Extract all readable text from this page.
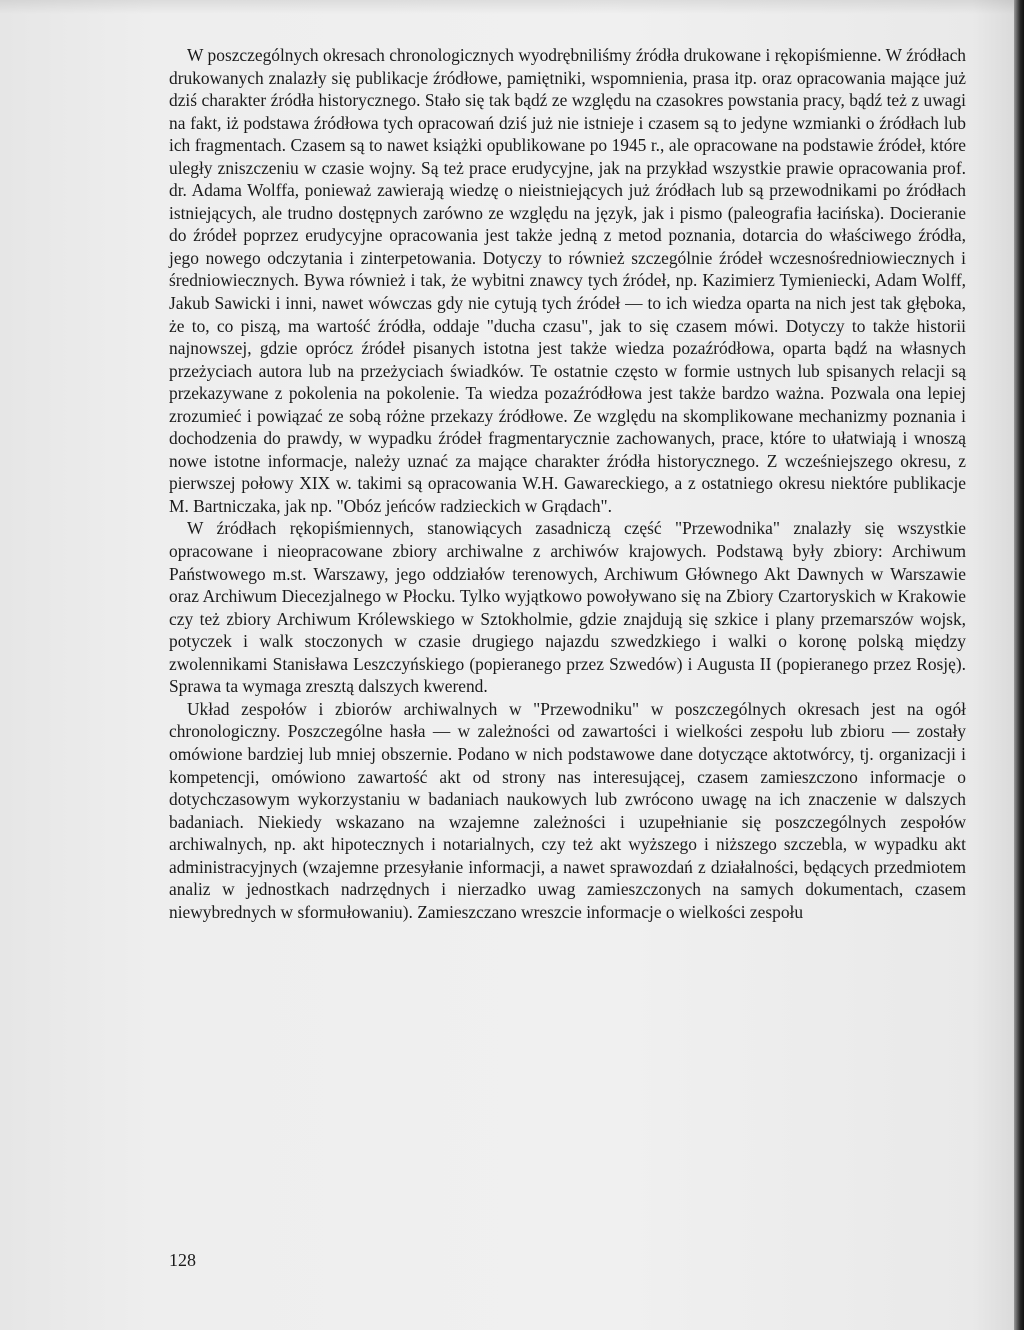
W poszczególnych okresach chronologicznych wyodrębniliśmy źródła drukowane i rękopiśmienne. W źródłach drukowanych znalazły się publikacje źródłowe, pamiętniki, wspomnienia, prasa itp. oraz opracowania mające już dziś charakter źródła historycznego. Stało się tak bądź ze względu na czasokres powstania pracy, bądź też z uwagi na fakt, iż podstawa źródłowa tych opracowań dziś już nie istnieje i czasem są to jedyne wzmianki o źródłach lub ich fragmentach. Czasem są to nawet książki opublikowane po 1945 r., ale opracowane na podstawie źródeł, które uległy zniszczeniu w czasie wojny. Są też prace erudycyjne, jak na przykład wszystkie prawie opracowania prof. dr. Adama Wolffa, ponieważ zawierają wiedzę o nieistniejących już źródłach lub są przewodnikami po źródłach istniejących, ale trudno dostępnych zarówno ze względu na język, jak i pismo (paleografia łacińska). Docieranie do źródeł poprzez erudycyjne opracowania jest także jedną z metod poznania, dotarcia do właściwego źródła, jego nowego odczytania i zinterpetowania. Dotyczy to również szczególnie źródeł wczesnośredniowiecznych i średniowiecznych. Bywa również i tak, że wybitni znawcy tych źródeł, np. Kazimierz Tymieniecki, Adam Wolff, Jakub Sawicki i inni, nawet wówczas gdy nie cytują tych źródeł — to ich wiedza oparta na nich jest tak głęboka, że to, co piszą, ma wartość źródła, oddaje "ducha czasu", jak to się czasem mówi. Dotyczy to także historii najnowszej, gdzie oprócz źródeł pisanych istotna jest także wiedza pozaźródłowa, oparta bądź na własnych przeżyciach autora lub na przeżyciach świadków. Te ostatnie często w formie ustnych lub spisanych relacji są przekazywane z pokolenia na pokolenie. Ta wiedza pozaźródłowa jest także bardzo ważna. Pozwala ona lepiej zrozumieć i powiązać ze sobą różne przekazy źródłowe. Ze względu na skomplikowane mechanizmy poznania i dochodzenia do prawdy, w wypadku źródeł fragmentarycznie zachowanych, prace, które to ułatwiają i wnoszą nowe istotne informacje, należy uznać za mające charakter źródła historycznego. Z wcześniejszego okresu, z pierwszej połowy XIX w. takimi są opracowania W.H. Gawareckiego, a z ostatniego okresu niektóre publikacje M. Bartniczaka, jak np. "Obóz jeńców radzieckich w Grądach".

W źródłach rękopiśmiennych, stanowiących zasadniczą część "Przewodnika" znalazły się wszystkie opracowane i nieopracowane zbiory archiwalne z archiwów krajowych. Podstawą były zbiory: Archiwum Państwowego m.st. Warszawy, jego oddziałów terenowych, Archiwum Głównego Akt Dawnych w Warszawie oraz Archiwum Diecezjalnego w Płocku. Tylko wyjątkowo powoływano się na Zbiory Czartoryskich w Krakowie czy też zbiory Archiwum Królewskiego w Sztokholmie, gdzie znajdują się szkice i plany przemarszów wojsk, potyczek i walk stoczonych w czasie drugiego najazdu szwedzkiego i walki o koronę polską między zwolennikami Stanisława Leszczyńskiego (popieranego przez Szwedów) i Augusta II (popieranego przez Rosję). Sprawa ta wymaga zresztą dalszych kwerend.

Układ zespołów i zbiorów archiwalnych w "Przewodniku" w poszczególnych okresach jest na ogół chronologiczny. Poszczególne hasła — w zależności od zawartości i wielkości zespołu lub zbioru — zostały omówione bardziej lub mniej obszernie. Podano w nich podstawowe dane dotyczące aktotwórcy, tj. organizacji i kompetencji, omówiono zawartość akt od strony nas interesującej, czasem zamieszczono informacje o dotychczasowym wykorzystaniu w badaniach naukowych lub zwrócono uwagę na ich znaczenie w dalszych badaniach. Niekiedy wskazano na wzajemne zależności i uzupełnianie się poszczególnych zespołów archiwalnych, np. akt hipotecznych i notarialnych, czy też akt wyższego i niższego szczebla, w wypadku akt administracyjnych (wzajemne przesyłanie informacji, a nawet sprawozdań z działalności, będących przedmiotem analiz w jednostkach nadrzędnych i nierzadko uwag zamieszczonych na samych dokumentach, czasem niewybrednych w sformułowaniu). Zamieszczano wreszcie informacje o wielkości zespołu

128
